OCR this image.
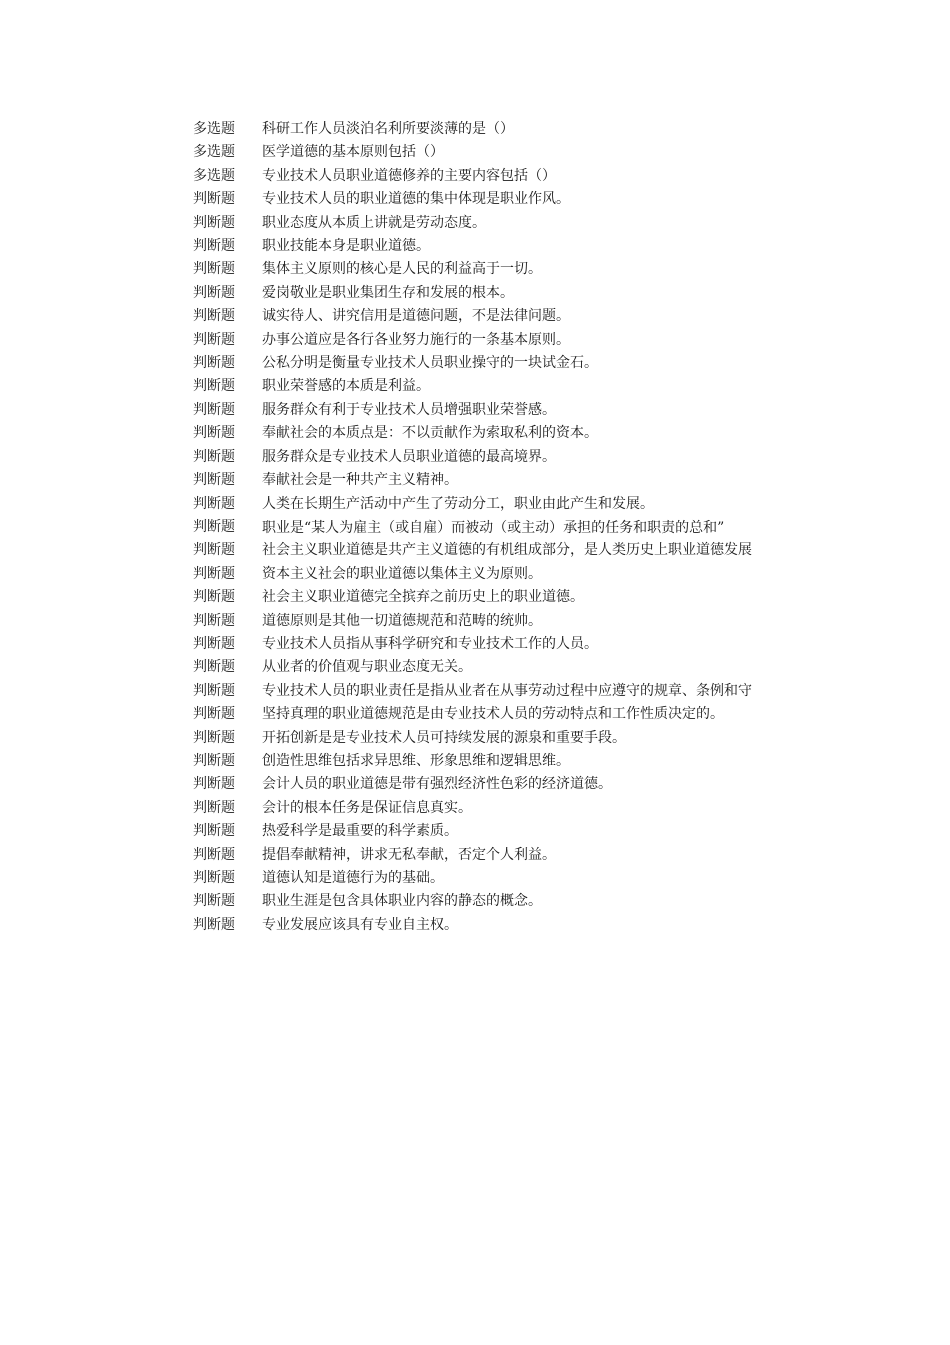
多选题	科研工作人员淡泊名利所要淡薄的是（）
多选题	医学道德的基本原则包括（）
多选题	专业技术人员职业道德修养的主要内容包括（）
判断题	专业技术人员的职业道德的集中体现是职业作风。
判断题	职业态度从本质上讲就是劳动态度。
判断题	职业技能本身是职业道德。
判断题	集体主义原则的核心是人民的利益高于一切。
判断题	爱岗敬业是职业集团生存和发展的根本。
判断题	诚实待人、讲究信用是道德问题，不是法律问题。
判断题	办事公道应是各行各业努力施行的一条基本原则。
判断题	公私分明是衡量专业技术人员职业操守的一块试金石。
判断题	职业荣誉感的本质是利益。
判断题	服务群众有利于专业技术人员增强职业荣誉感。
判断题	奉献社会的本质点是：不以贡献作为索取私利的资本。
判断题	服务群众是专业技术人员职业道德的最高境界。
判断题	奉献社会是一种共产主义精神。
判断题	人类在长期生产活动中产生了劳动分工，职业由此产生和发展。
判断题	职业是“某人为雇主（或自雇）而被动（或主动）承担的任务和职责的总和”

判断题	社会主义职业道德是共产主义道德的有机组成部分，是人类历史上职业道德发展
判断题	资本主义社会的职业道德以集体主义为原则。
判断题	社会主义职业道德完全摈弃之前历史上的职业道德。
判断题	道德原则是其他一切道德规范和范畴的统帅。
判断题	专业技术人员指从事科学研究和专业技术工作的人员。
判断题	从业者的价值观与职业态度无关。
判断题	专业技术人员的职业责任是指从业者在从事劳动过程中应遵守的规章、条例和守
判断题	坚持真理的职业道德规范是由专业技术人员的劳动特点和工作性质决定的。
判断题	开拓创新是是专业技术人员可持续发展的源泉和重要手段。
判断题	创造性思维包括求异思维、形象思维和逻辑思维。
判断题	会计人员的职业道德是带有强烈经济性色彩的经济道德。
判断题	会计的根本任务是保证信息真实。
判断题	热爱科学是最重要的科学素质。
判断题	提倡奉献精神，讲求无私奉献，否定个人利益。
判断题	道德认知是道德行为的基础。
判断题	职业生涯是包含具体职业内容的静态的概念。
判断题	专业发展应该具有专业自主权。
